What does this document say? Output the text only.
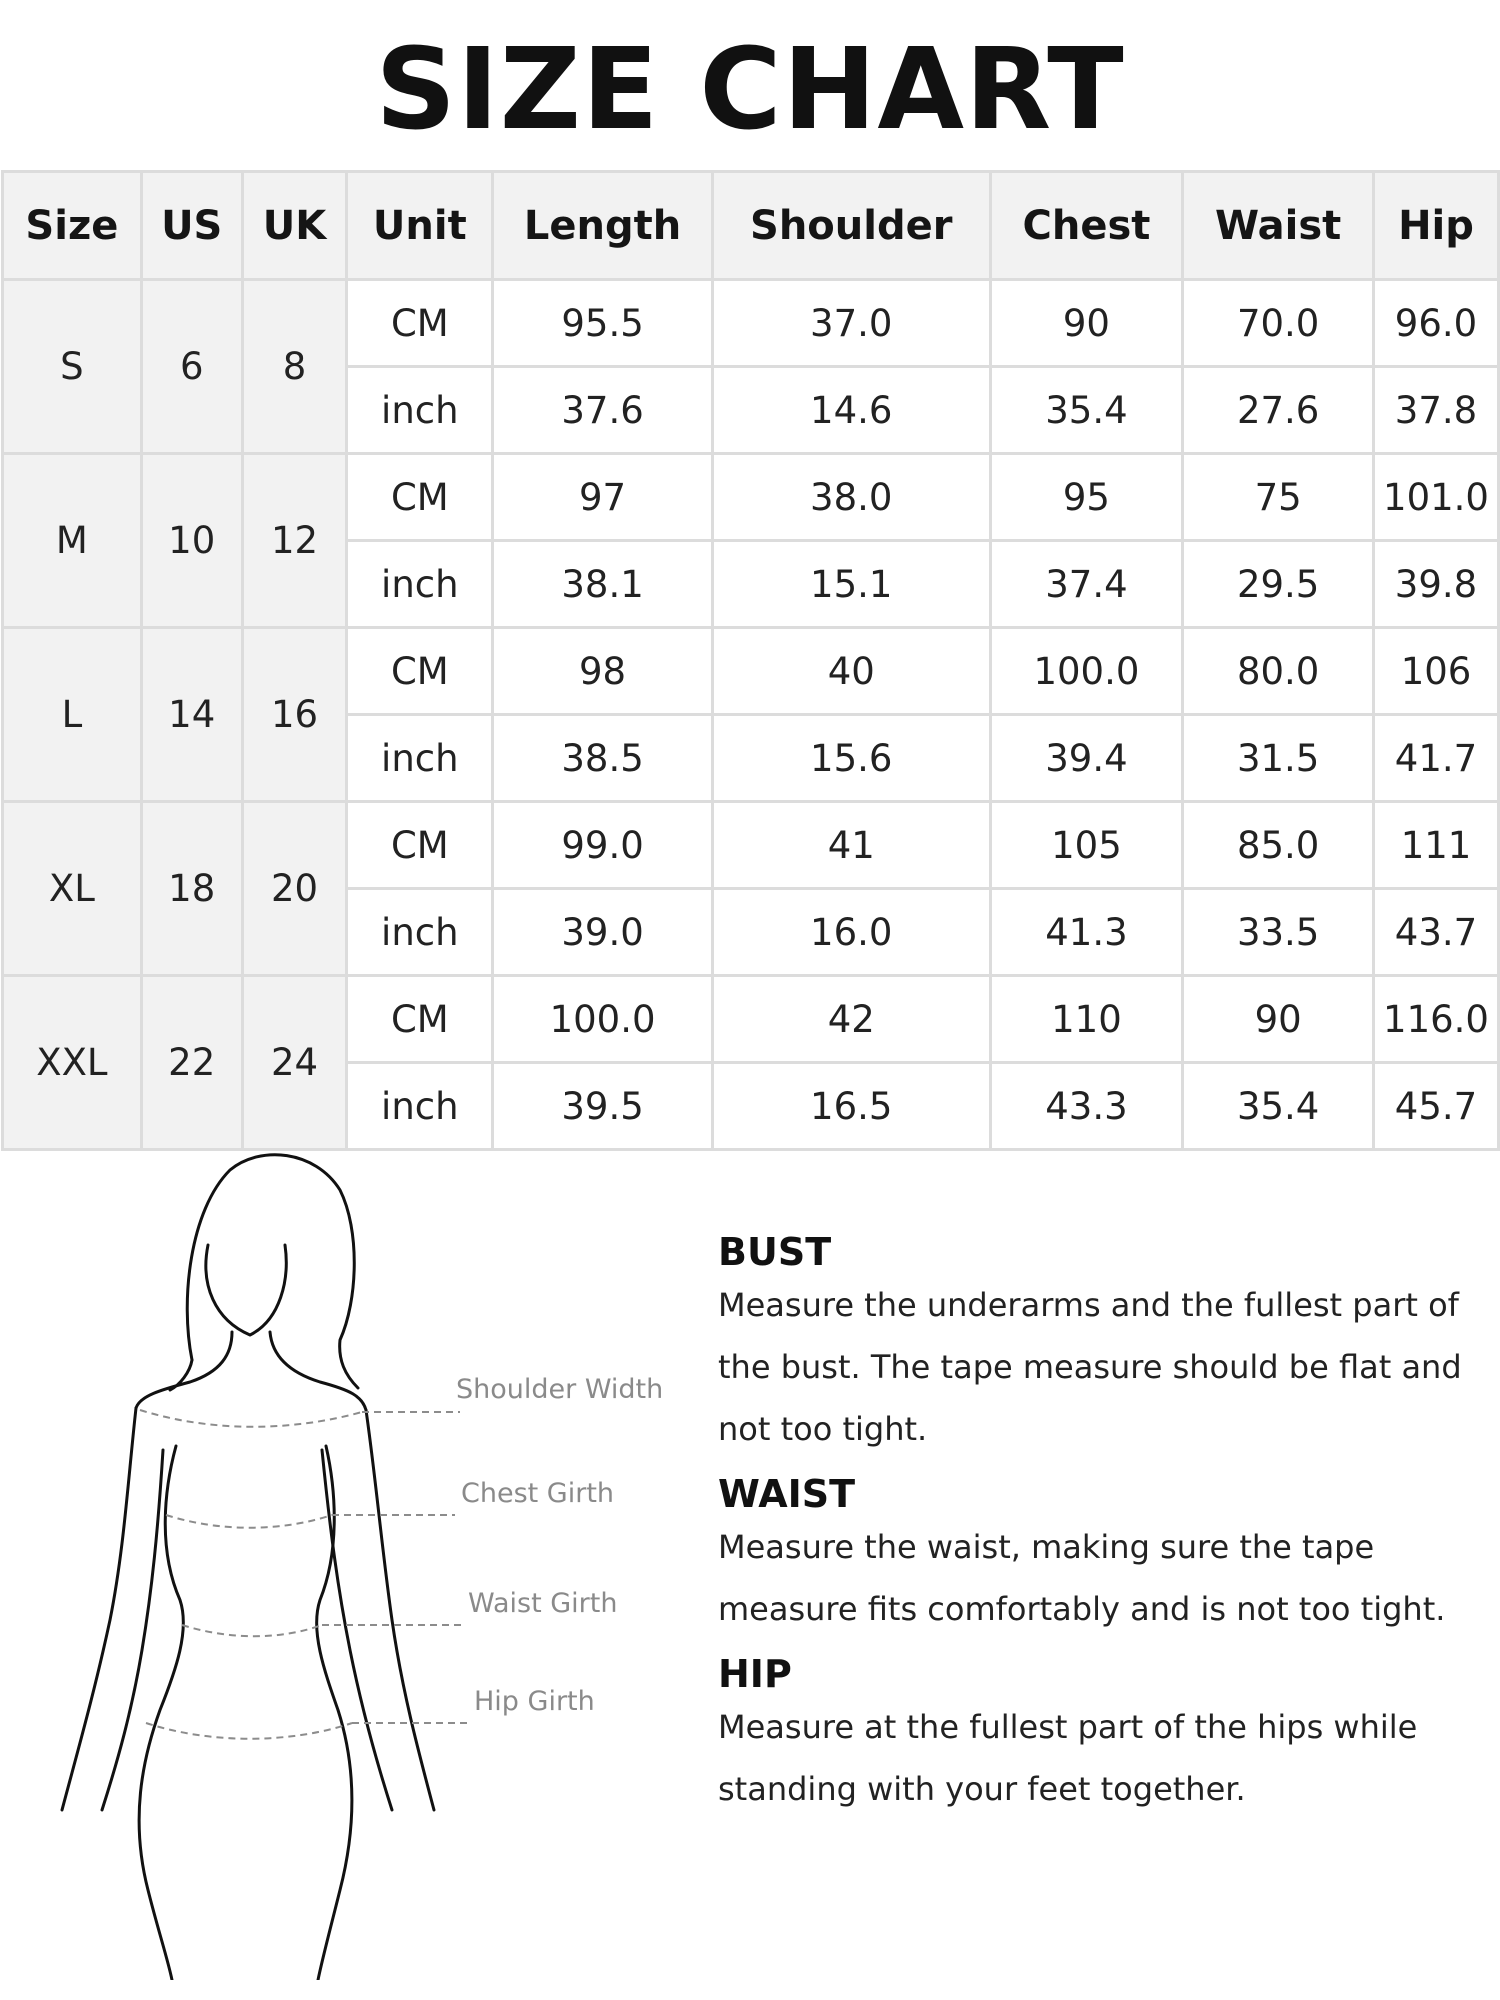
SIZE CHART
Size	US	UK	Unit	Length	Shoulder	Chest	Waist	Hip
S	6	8	CM	95.5	37.0	90	70.0	96.0
			inch	37.6	14.6	35.4	27.6	37.8
M	10	12	CM	97	38.0	95	75	101.0
			inch	38.1	15.1	37.4	29.5	39.8
L	14	16	CM	98	40	100.0	80.0	106
			inch	38.5	15.6	39.4	31.5	41.7
XL	18	20	CM	99.0	41	105	85.0	111
			inch	39.0	16.0	41.3	33.5	43.7
XXL	22	24	CM	100.0	42	110	90	116.0
			inch	39.5	16.5	43.3	35.4	45.7
Shoulder Width
Chest Girth
Waist Girth
Hip Girth

BUST

Measure the underarms and the fullest part of the bust. The tape measure should be flat and not too tight.

WAIST

Measure the waist, making sure the tape measure fits comfortably and is not too tight.

HIP

Measure at the fullest part of the hips while standing with your feet together.
